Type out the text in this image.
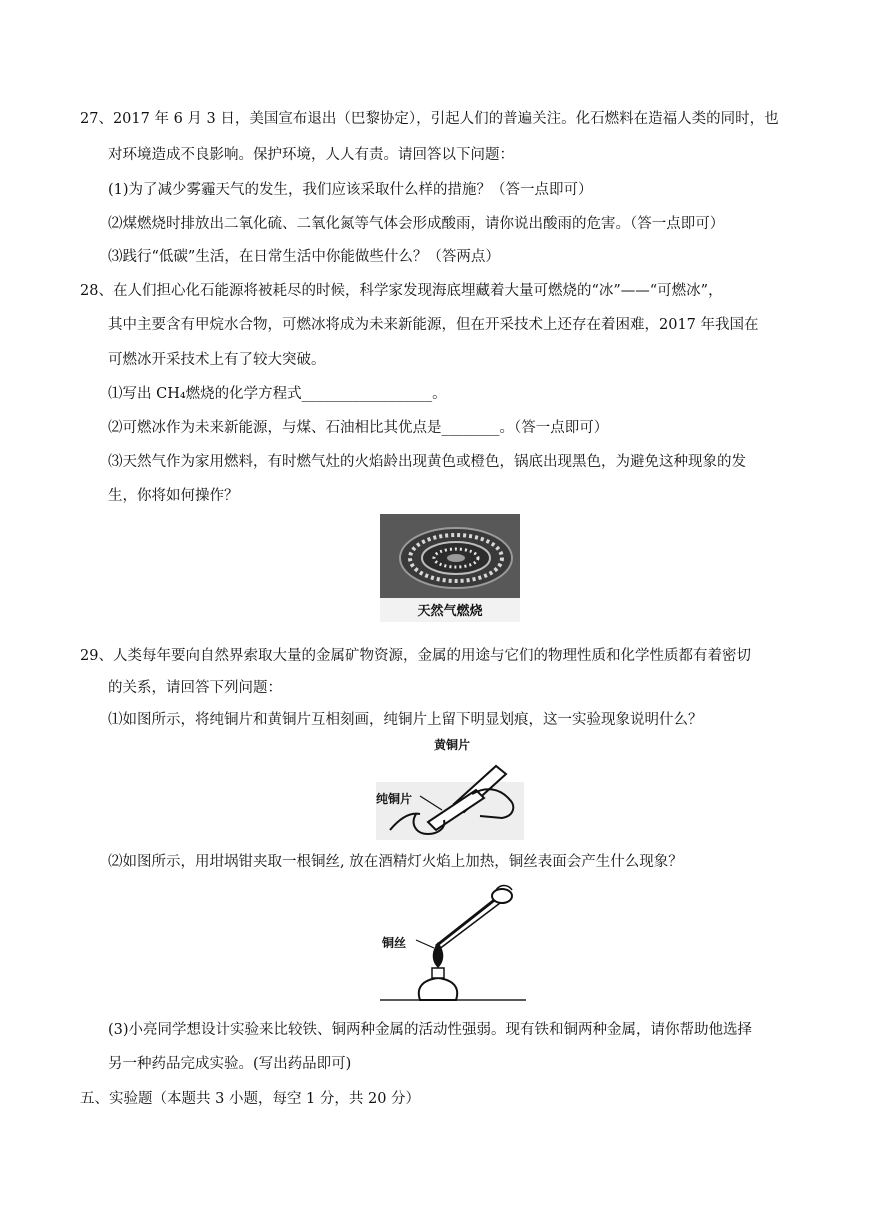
27、2017 年 6 月 3 日，美国宣布退出（巴黎协定），引起人们的普遍关注。化石燃料在造福人类的同时，也
对环境造成不良影响。保护环境，人人有责。请回答以下问题：
(1)为了减少雾霾天气的发生，我们应该采取什么样的措施？（答一点即可）
⑵煤燃烧时排放出二氧化硫、二氧化氮等气体会形成酸雨，请你说出酸雨的危害。（答一点即可）
⑶践行“低碳”生活，在日常生活中你能做些什么？（答两点）
28、在人们担心化石能源将被耗尽的时候，科学家发现海底埋藏着大量可燃烧的“冰”——“可燃冰”，
其中主要含有甲烷水合物，可燃冰将成为未来新能源，但在开采技术上还存在着困难，2017 年我国在
可燃冰开采技术上有了较大突破。
⑴写出 CH₄燃烧的化学方程式__________________。
⑵可燃冰作为未来新能源，与煤、石油相比其优点是________。（答一点即可）
⑶天然气作为家用燃料，有时燃气灶的火焰龄出现黄色或橙色，锅底出现黑色，为避免这种现象的发
生，你将如何操作？
天然气燃烧
29、人类每年要向自然界索取大量的金属矿物资源，金属的用途与它们的物理性质和化学性质都有着密切
的关系，请回答下列问题：
⑴如图所示，将纯铜片和黄铜片互相刻画，纯铜片上留下明显划痕，这一实验现象说明什么？
黄铜片
纯铜片
⑵如图所示，用坩埚钳夹取一根铜丝, 放在酒精灯火焰上加热，铜丝表面会产生什么现象？
铜丝
(3)小亮同学想设计实验来比较铁、铜两种金属的活动性强弱。现有铁和铜两种金属，请你帮助他选择
另一种药品完成实验。(写出药品即可)
五、实验题（本题共 3 小题，每空 1 分，共 20 分）
